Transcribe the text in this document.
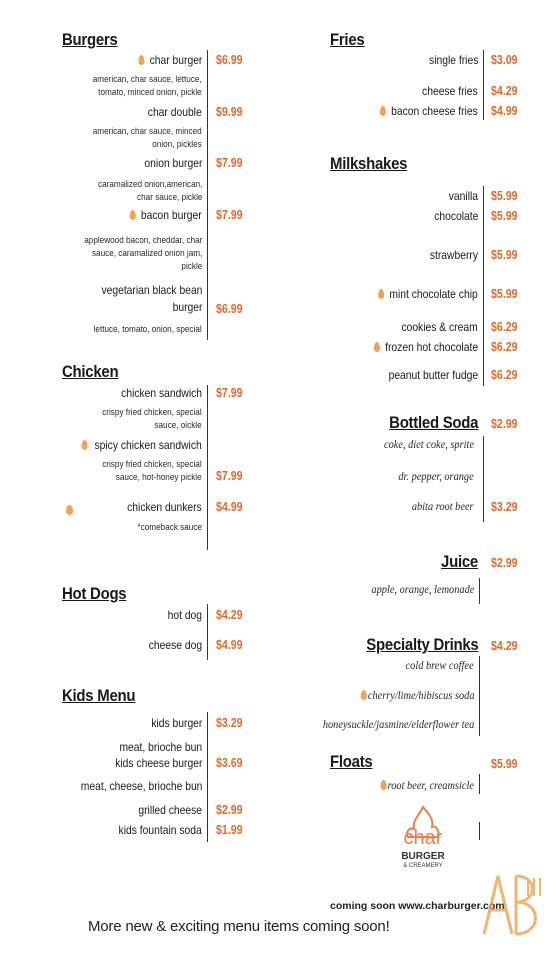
Burgers
char burger $6.99
american, char sauce, lettuce,
tomato, minced onion, pickle
char double $9.99
american, char sauce, minced
onion, pickles
onion burger $7.99
caramalized onion,american,
char sauce, pickle
bacon burger $7.99
applewood bacon, cheddar, char
sauce, caramalized onion jam,
pickle
vegetarian black bean
burger $6.99
lettuce, tomato, onion, special
Chicken
chicken sandwich $7.99
crispy fried chicken, special
sauce, oickle
spicy chicken sandwich
crispy fried chicken, special
sauce, hot-honey pickle $7.99
chicken dunkers $4.99
*comeback sauce
Hot Dogs
hot dog $4.29
cheese dog $4.99
Kids Menu
kids burger $3.29
meat, brioche bun
kids cheese burger $3.69
meat, cheese, brioche bun
grilled cheese $2.99
kids fountain soda $1.99
Fries
single fries $3.09
cheese fries $4.29
bacon cheese fries $4.99
Milkshakes
vanilla $5.99
chocolate $5.99
strawberry $5.99
mint chocolate chip $5.99
cookies & cream $6.29
frozen hot chocolate $6.29
peanut butter fudge $6.29
Bottled Soda $2.99
coke, diet coke, sprite
dr. pepper, orange
abita root beer $3.29
Juice $2.99
apple, orange, lemonade
Specialty Drinks $4.29
cold brew coffee
cherry/lime/hibiscus soda
honeysuckle/jasmine/elderflower tea
Floats	$5.99
root beer, creamsicle
char
BURGER
& CREAMERY
coming soon www.charburger.com
More new & exciting menu items coming soon!
